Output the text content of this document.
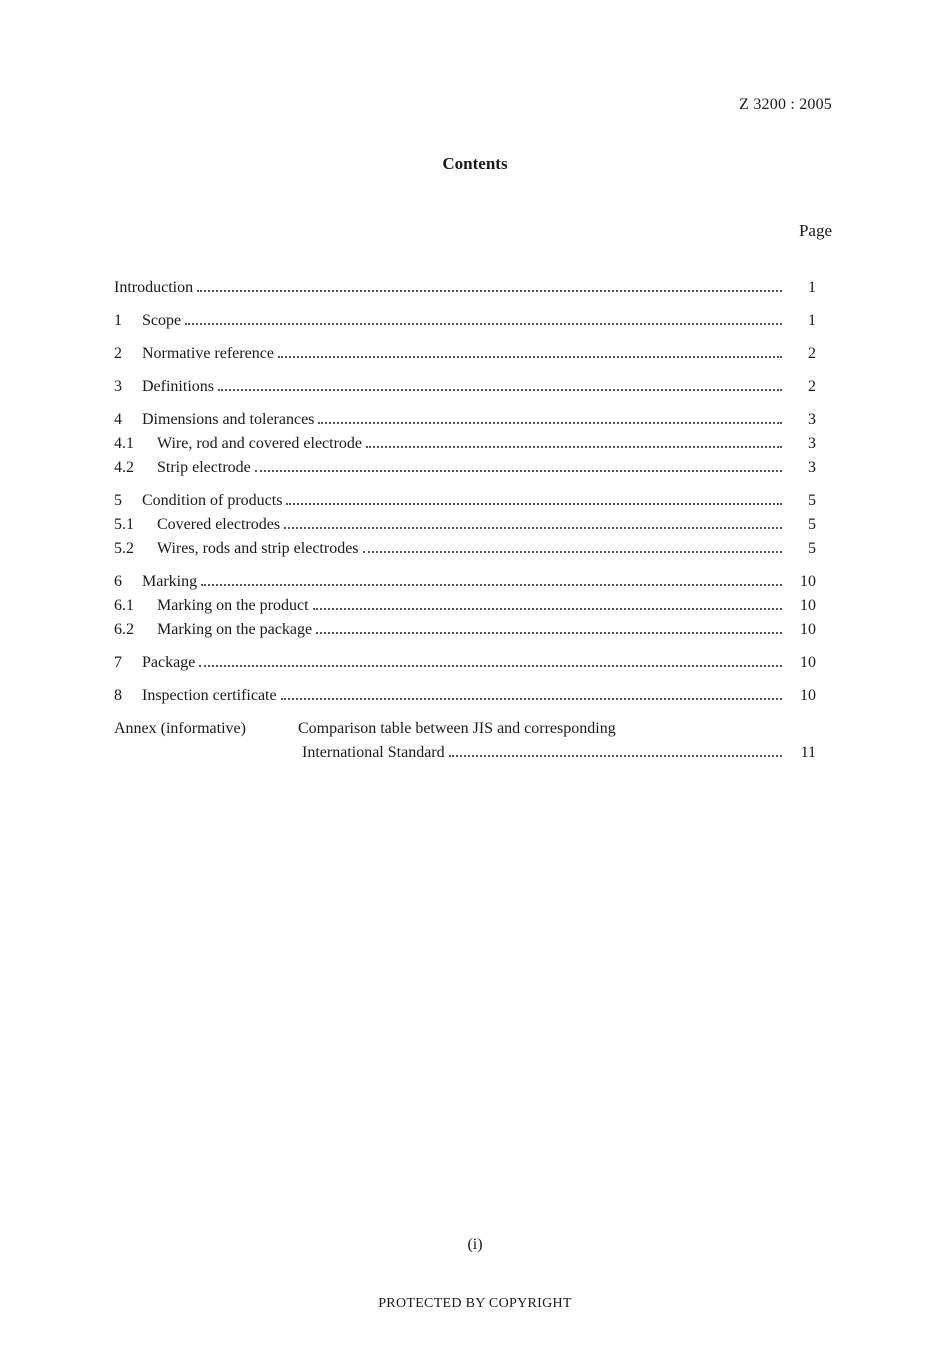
Z 3200 : 2005
Contents
Page
Introduction	1
1	Scope	1
2	Normative reference	2
3	Definitions	2
4	Dimensions and tolerances	3
4.1	Wire, rod and covered electrode	3
4.2	Strip electrode	3
5	Condition of products	5
5.1	Covered electrodes	5
5.2	Wires, rods and strip electrodes	5
6	Marking	10
6.1	Marking on the product	10
6.2	Marking on the package	10
7	Package	10
8	Inspection certificate	10
Annex (informative)	Comparison table between JIS and corresponding
International Standard	11
(i)
PROTECTED BY COPYRIGHT
